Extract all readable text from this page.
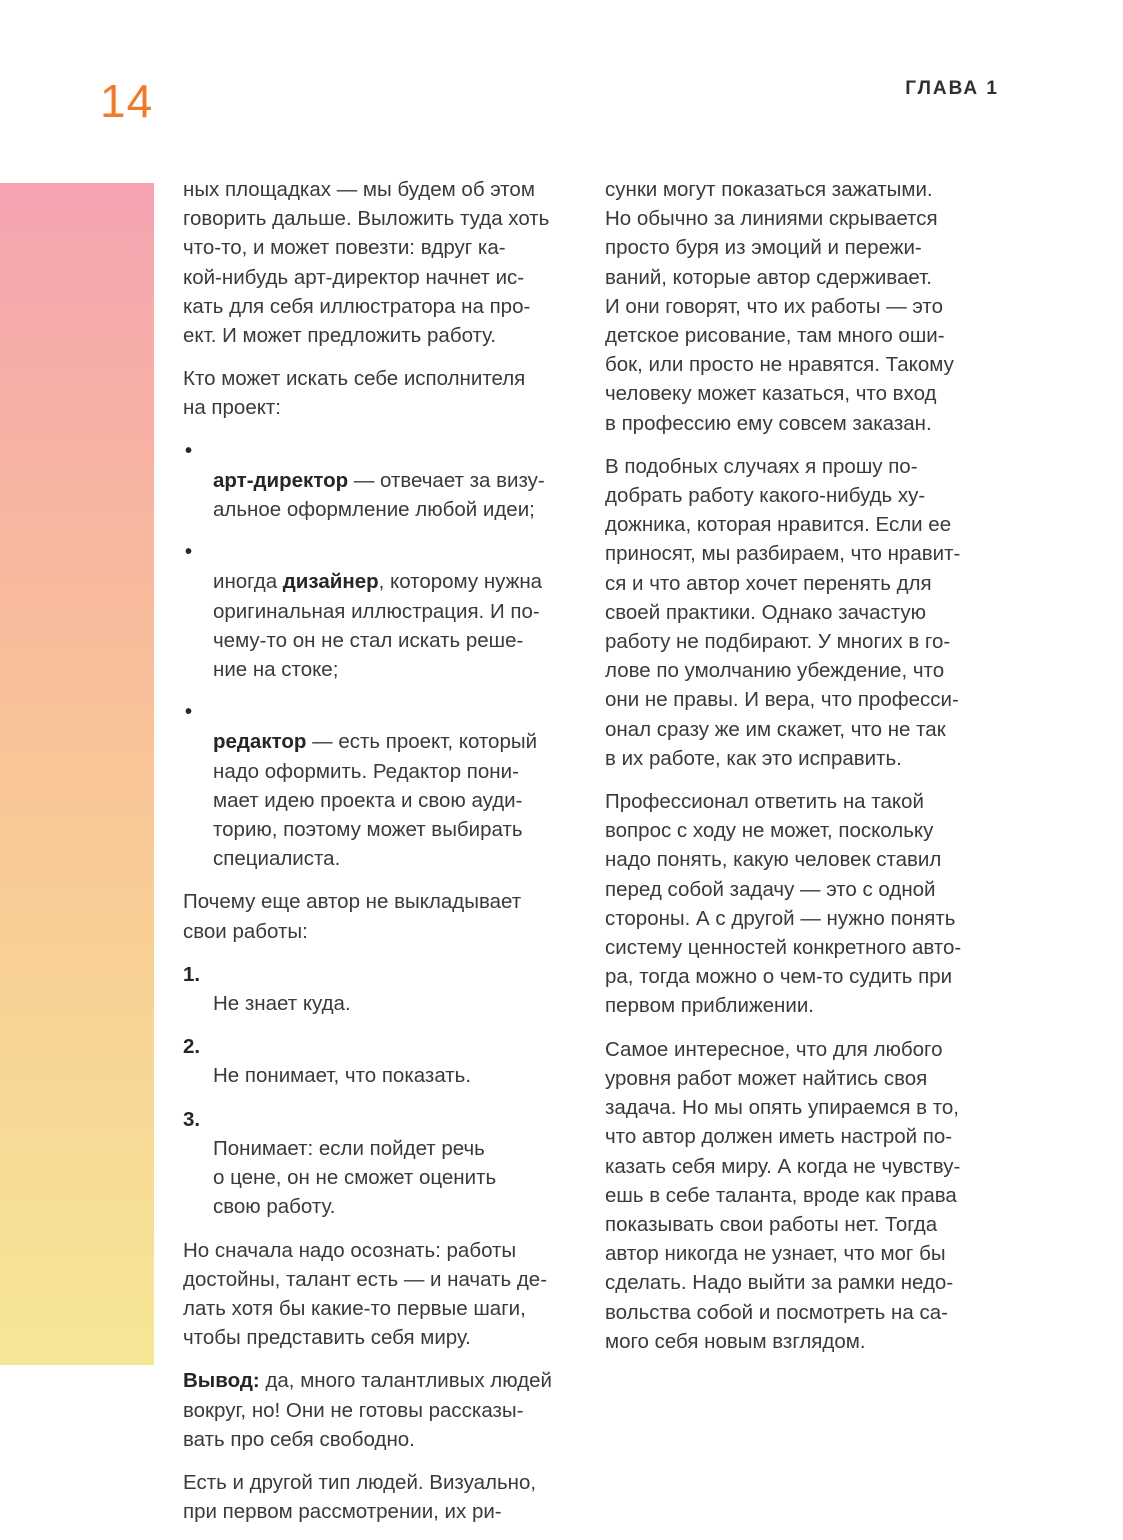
14	ГЛАВА 1

ных площадках — мы будем об этом
говорить дальше. Выложить туда хоть
что-то, и может повезти: вдруг ка-
кой-нибудь арт-директор начнет ис-
кать для себя иллюстратора на про-
ект. И может предложить работу.

Кто может искать себе исполнителя
на проект:

•
арт-директор — отвечает за визу-
альное оформление любой идеи;

•
иногда дизайнер, которому нужна
оригинальная иллюстрация. И по-
чему-то он не стал искать реше-
ние на стоке;

•
редактор — есть проект, который
надо оформить. Редактор пони-
мает идею проекта и свою ауди-
торию, поэтому может выбирать
специалиста.

Почему еще автор не выкладывает
свои работы:

1.
Не знает куда.

2.
Не понимает, что показать.

3.
Понимает: если пойдет речь
о цене, он не сможет оценить
свою работу.

Но сначала надо осознать: работы
достойны, талант есть — и начать де-
лать хотя бы какие-то первые шаги,
чтобы представить себя миру.

Вывод: да, много талантливых людей
вокруг, но! Они не готовы рассказы-
вать про себя свободно.

Есть и другой тип людей. Визуально,
при первом рассмотрении, их ри-

сунки могут показаться зажатыми.
Но обычно за линиями скрывается
просто буря из эмоций и пережи-
ваний, которые автор сдерживает.
И они говорят, что их работы — это
детское рисование, там много оши-
бок, или просто не нравятся. Такому
человеку может казаться, что вход
в профессию ему совсем заказан.

В подобных случаях я прошу по-
добрать работу какого-нибудь ху-
дожника, которая нравится. Если ее
приносят, мы разбираем, что нравит-
ся и что автор хочет перенять для
своей практики. Однако зачастую
работу не подбирают. У многих в го-
лове по умолчанию убеждение, что
они не правы. И вера, что професси-
онал сразу же им скажет, что не так
в их работе, как это исправить.

Профессионал ответить на такой
вопрос с ходу не может, поскольку
надо понять, какую человек ставил
перед собой задачу — это с одной
стороны. А с другой — нужно понять
систему ценностей конкретного авто-
ра, тогда можно о чем-то судить при
первом приближении.

Самое интересное, что для любого
уровня работ может найтись своя
задача. Но мы опять упираемся в то,
что автор должен иметь настрой по-
казать себя миру. А когда не чувству-
ешь в себе таланта, вроде как права
показывать свои работы нет. Тогда
автор никогда не узнает, что мог бы
сделать. Надо выйти за рамки недо-
вольства собой и посмотреть на са-
мого себя новым взглядом.
